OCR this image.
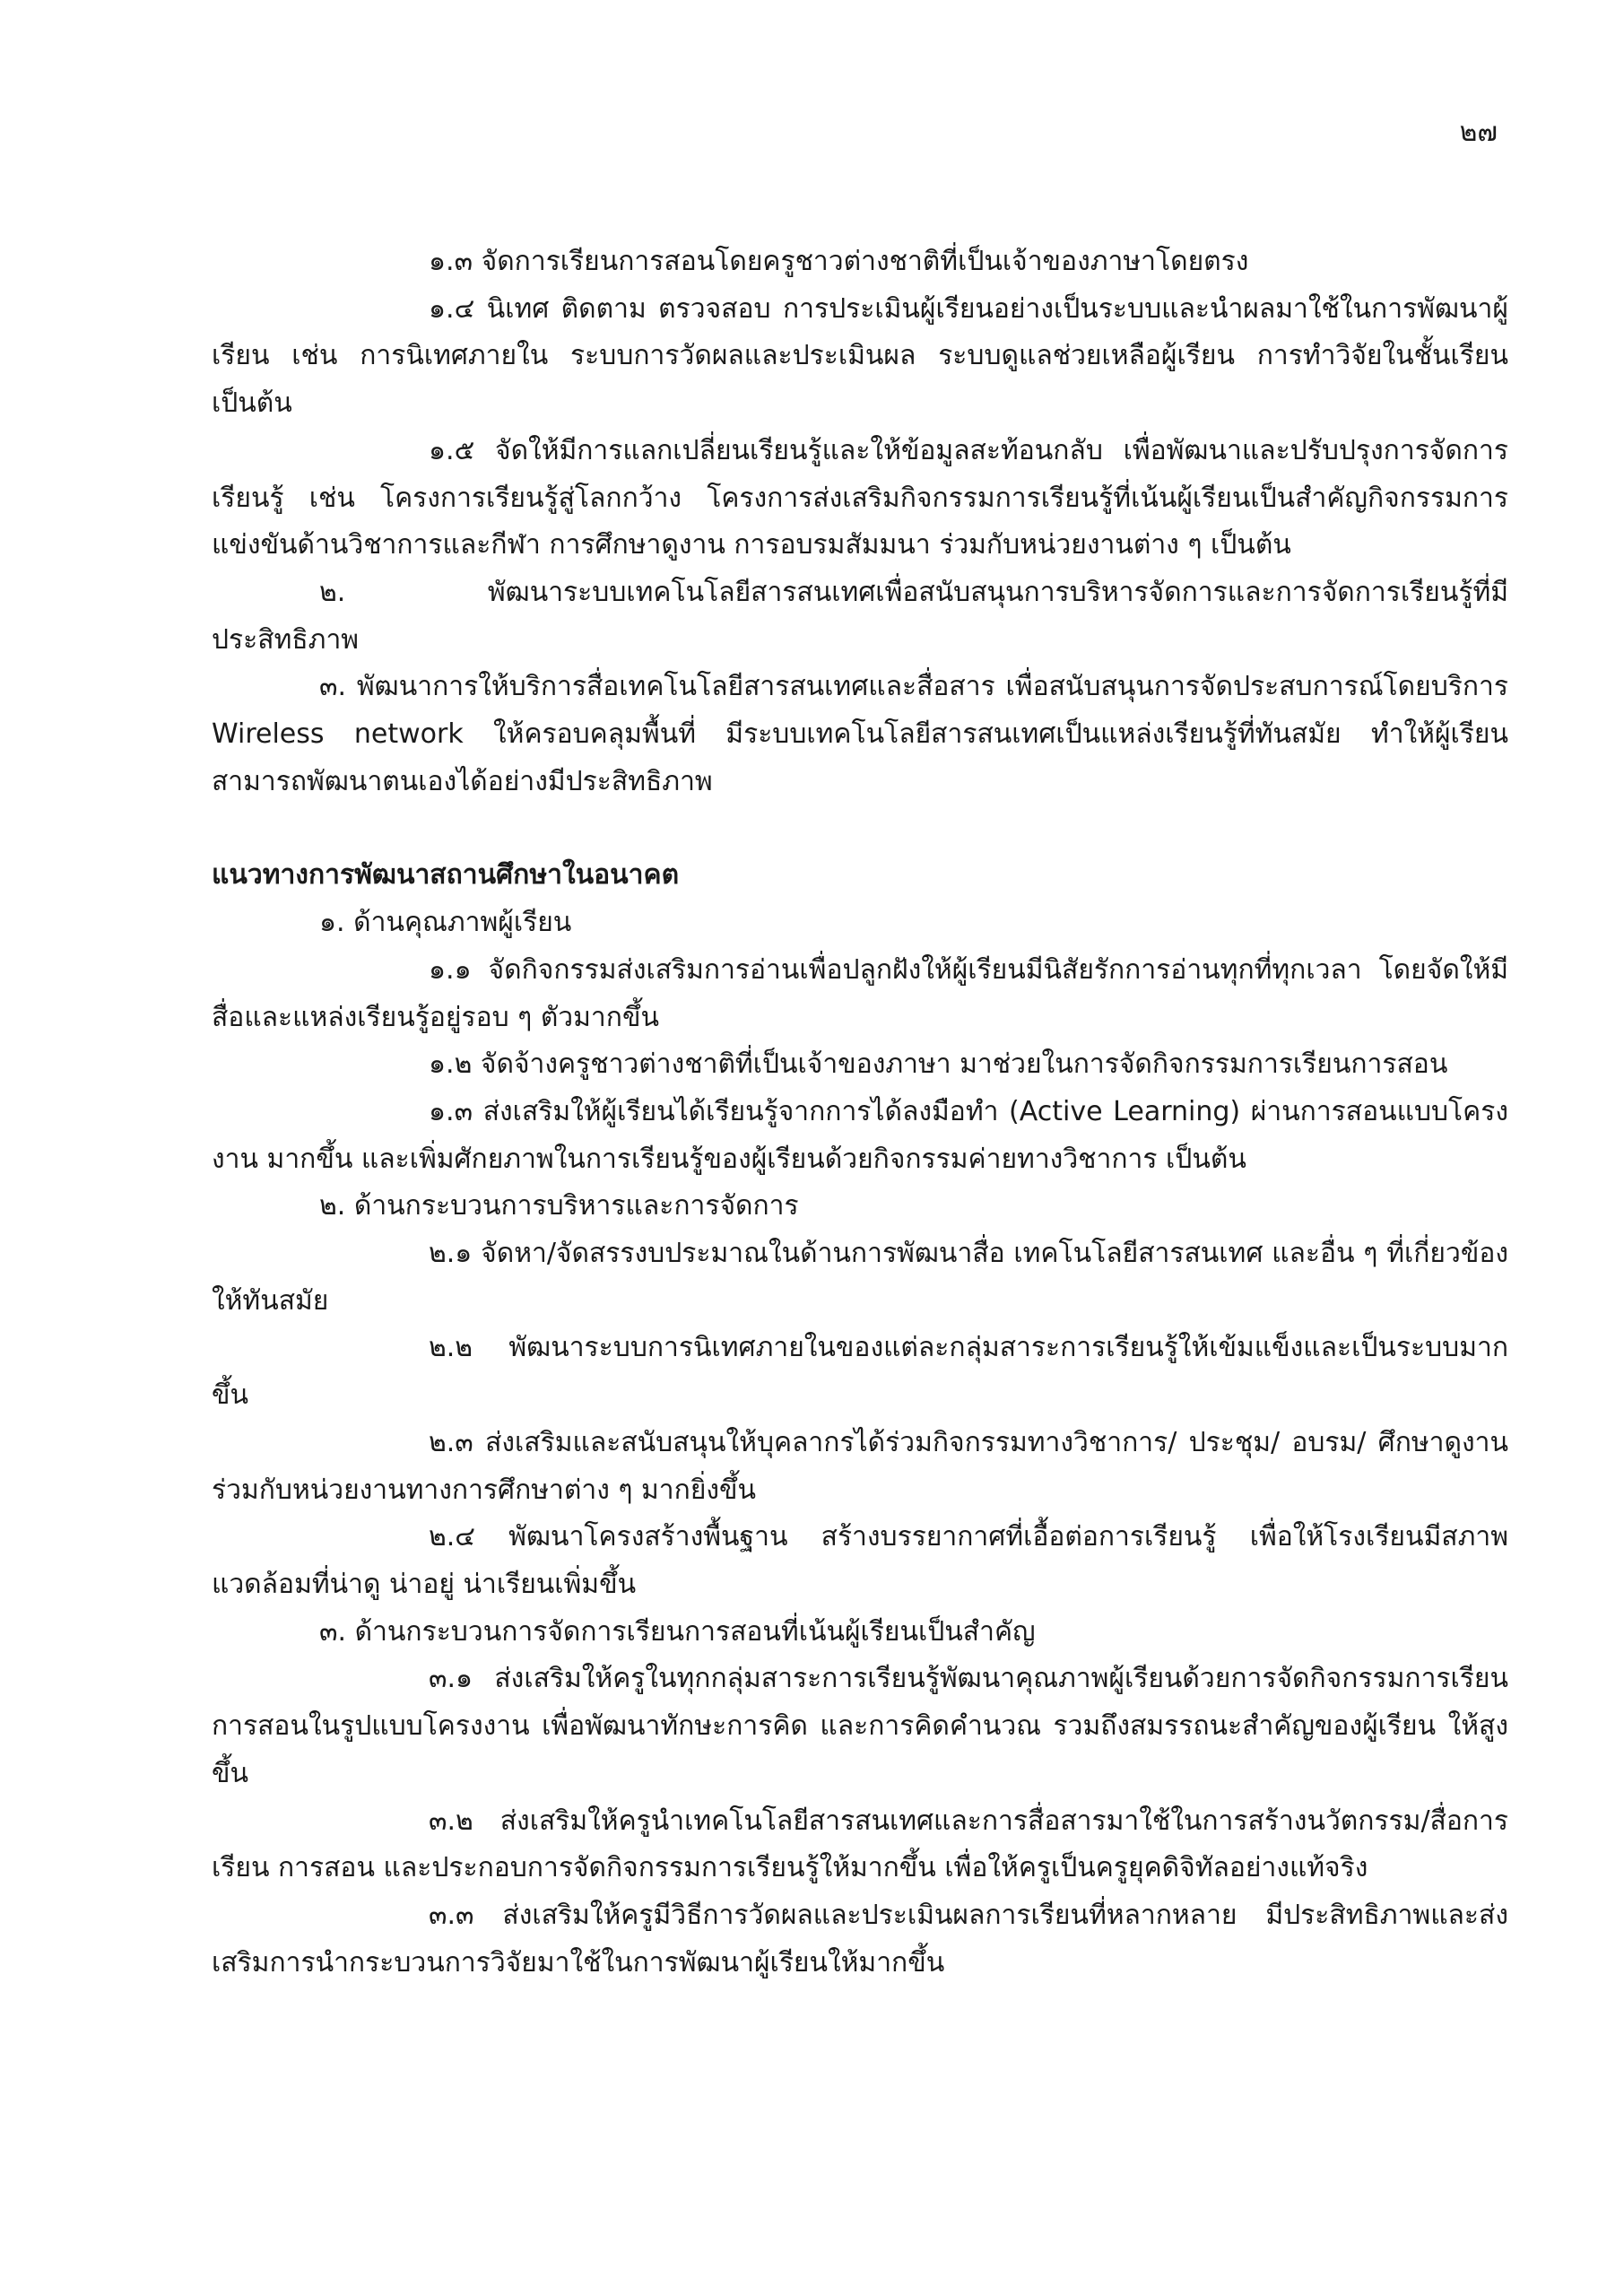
๒๗

๑.๓ จัดการเรียนการสอนโดยครูชาวต่างชาติที่เป็นเจ้าของภาษาโดยตรง

๑.๔ นิเทศ ติดตาม ตรวจสอบ การประเมินผู้เรียนอย่างเป็นระบบและนำผลมาใช้ในการพัฒนาผู้เรียน เช่น การนิเทศภายใน ระบบการวัดผลและประเมินผล ระบบดูแลช่วยเหลือผู้เรียน การทำวิจัยในชั้นเรียน เป็นต้น

๑.๕ จัดให้มีการแลกเปลี่ยนเรียนรู้และให้ข้อมูลสะท้อนกลับ เพื่อพัฒนาและปรับปรุงการจัดการเรียนรู้ เช่น โครงการเรียนรู้สู่โลกกว้าง โครงการส่งเสริมกิจกรรมการเรียนรู้ที่เน้นผู้เรียนเป็นสำคัญกิจกรรมการแข่งขันด้านวิชาการและกีฬา การศึกษาดูงาน การอบรมสัมมนา ร่วมกับหน่วยงานต่าง ๆ เป็นต้น

๒. พัฒนาระบบเทคโนโลยีสารสนเทศเพื่อสนับสนุนการบริหารจัดการและการจัดการเรียนรู้ที่มีประสิทธิภาพ

๓. พัฒนาการให้บริการสื่อเทคโนโลยีสารสนเทศและสื่อสาร เพื่อสนับสนุนการจัดประสบการณ์โดยบริการ Wireless network ให้ครอบคลุมพื้นที่ มีระบบเทคโนโลยีสารสนเทศเป็นแหล่งเรียนรู้ที่ทันสมัย ทำให้ผู้เรียนสามารถพัฒนาตนเองได้อย่างมีประสิทธิภาพ

แนวทางการพัฒนาสถานศึกษาในอนาคต

๑. ด้านคุณภาพผู้เรียน

๑.๑ จัดกิจกรรมส่งเสริมการอ่านเพื่อปลูกฝังให้ผู้เรียนมีนิสัยรักการอ่านทุกที่ทุกเวลา โดยจัดให้มีสื่อและแหล่งเรียนรู้อยู่รอบ ๆ ตัวมากขึ้น

๑.๒ จัดจ้างครูชาวต่างชาติที่เป็นเจ้าของภาษา มาช่วยในการจัดกิจกรรมการเรียนการสอน

๑.๓ ส่งเสริมให้ผู้เรียนได้เรียนรู้จากการได้ลงมือทำ (Active Learning) ผ่านการสอนแบบโครงงาน มากขึ้น และเพิ่มศักยภาพในการเรียนรู้ของผู้เรียนด้วยกิจกรรมค่ายทางวิชาการ เป็นต้น

๒. ด้านกระบวนการบริหารและการจัดการ

๒.๑ จัดหา/จัดสรรงบประมาณในด้านการพัฒนาสื่อ เทคโนโลยีสารสนเทศ และอื่น ๆ ที่เกี่ยวข้องให้ทันสมัย

๒.๒ พัฒนาระบบการนิเทศภายในของแต่ละกลุ่มสาระการเรียนรู้ให้เข้มแข็งและเป็นระบบมากขึ้น

๒.๓ ส่งเสริมและสนับสนุนให้บุคลากรได้ร่วมกิจกรรมทางวิชาการ/ ประชุม/ อบรม/ ศึกษาดูงาน ร่วมกับหน่วยงานทางการศึกษาต่าง ๆ มากยิ่งขึ้น

๒.๔ พัฒนาโครงสร้างพื้นฐาน สร้างบรรยากาศที่เอื้อต่อการเรียนรู้ เพื่อให้โรงเรียนมีสภาพแวดล้อมที่น่าดู น่าอยู่ น่าเรียนเพิ่มขึ้น

๓. ด้านกระบวนการจัดการเรียนการสอนที่เน้นผู้เรียนเป็นสำคัญ

๓.๑ ส่งเสริมให้ครูในทุกกลุ่มสาระการเรียนรู้พัฒนาคุณภาพผู้เรียนด้วยการจัดกิจกรรมการเรียน การสอนในรูปแบบโครงงาน เพื่อพัฒนาทักษะการคิด และการคิดคำนวณ รวมถึงสมรรถนะสำคัญของผู้เรียน ให้สูงขึ้น

๓.๒ ส่งเสริมให้ครูนำเทคโนโลยีสารสนเทศและการสื่อสารมาใช้ในการสร้างนวัตกรรม/สื่อการเรียน การสอน และประกอบการจัดกิจกรรมการเรียนรู้ให้มากขึ้น เพื่อให้ครูเป็นครูยุคดิจิทัลอย่างแท้จริง

๓.๓ ส่งเสริมให้ครูมีวิธีการวัดผลและประเมินผลการเรียนที่หลากหลาย มีประสิทธิภาพและส่งเสริมการนำกระบวนการวิจัยมาใช้ในการพัฒนาผู้เรียนให้มากขึ้น
